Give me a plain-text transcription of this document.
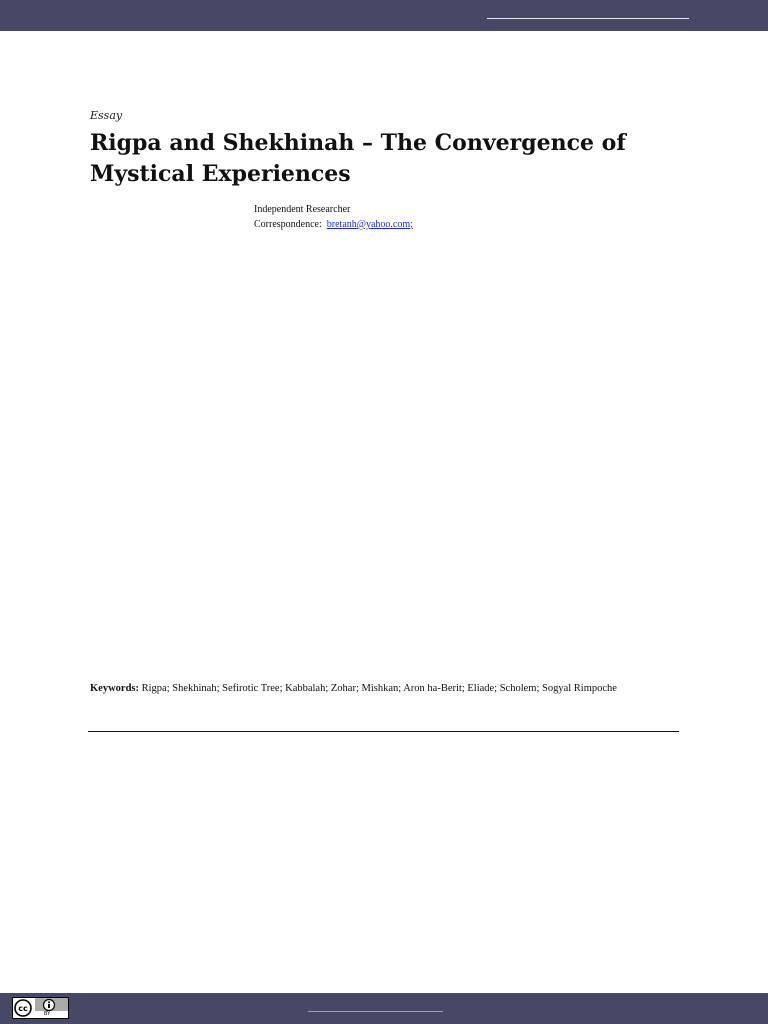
Essay
Rigpa and Shekhinah – The Convergence of Mystical Experiences
Independent Researcher
Correspondence: bretanh@yahoo.com;
Keywords: Rigpa; Shekhinah; Sefirotic Tree; Kabbalah; Zohar; Mishkan; Aron ha-Berit; Eliade; Scholem; Sogyal Rimpoche
cc
BY
